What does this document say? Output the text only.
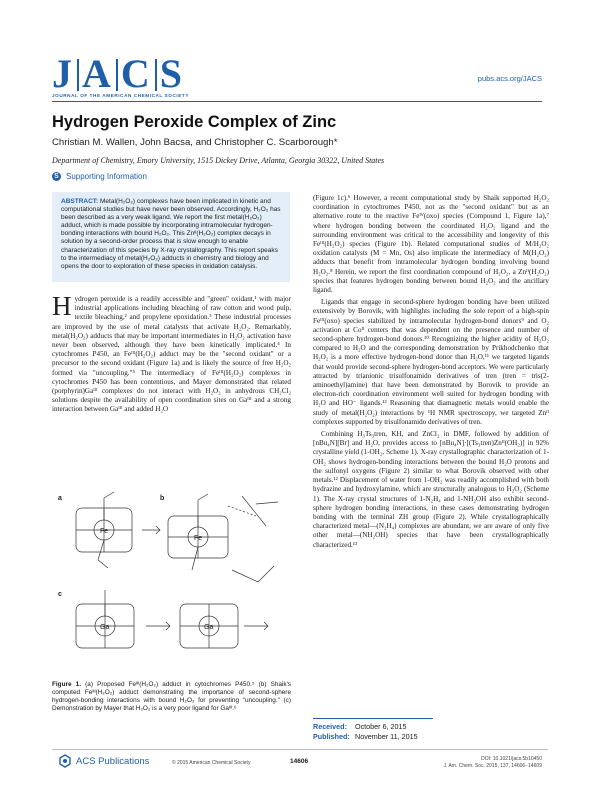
J A C S
JOURNAL OF THE AMERICAN CHEMICAL SOCIETY
pubs.acs.org/JACS
Hydrogen Peroxide Complex of Zinc
Christian M. Wallen, John Bacsa, and Christopher C. Scarborough*
Department of Chemistry, Emory University, 1515 Dickey Drive, Atlanta, Georgia 30322, United States
S Supporting Information
ABSTRACT: Metal(H₂O₂) complexes have been implicated in kinetic and computational studies but have never been observed. Accordingly, H₂O₂ has been described as a very weak ligand. We report the first metal(H₂O₂) adduct, which is made possible by incorporating intramolecular hydrogen-bonding interactions with bound H₂O₂. This Znᴵᴵ(H₂O₂) complex decays in solution by a second-order process that is slow enough to enable characterization of this species by X-ray crystallography. This report speaks to the intermediacy of metal(H₂O₂) adducts in chemistry and biology and opens the door to exploration of these species in oxidation catalysis.
Hydrogen peroxide is a readily accessible and "green" oxidant,¹ with major industrial applications including bleaching of raw cotton and wood pulp, textile bleaching,² and propylene epoxidation.³ These industrial processes are improved by the use of metal catalysts that activate H₂O₂. Remarkably, metal(H₂O₂) adducts that may be important intermediates in H₂O₂ activation have never been observed, although they have been kinetically implicated.⁴ In cytochromes P450, an Feᴵᴵᴵ(H₂O₂) adduct may be the "second oxidant" or a precursor to the second oxidant (Figure 1a) and is likely the source of free H₂O₂ formed via "uncoupling."⁵ The intermediacy of Feᴵᴵᴵ(H₂O₂) complexes in cytochromes P450 has been contentious, and Mayer demonstrated that related (porphyrin)Gaᴵᴵᴵ complexes do not interact with H₂O₂ in anhydrous CH₂Cl₂ solutions despite the availability of open coordination sites on Gaᴵᴵᴵ and a strong interaction between Gaᴵᴵᴵ and added H₂O
Fe
Fe
Ga	Ga
a	b
c
Figure 1. (a) Proposed Feᴵᴵᴵ(H₂O₂) adduct in cytochromes P450.⁵ (b) Shaik's computed Feᴵᴵᴵ(H₂O₂) adduct demonstrating the importance of second-sphere hydrogen-bonding interactions with bound H₂O₂ for preventing "uncoupling." (c) Demonstration by Mayer that H₂O₂ is a very poor ligand for Gaᴵᴵᴵ.⁶

(Figure 1c).⁶ However, a recent computational study by Shaik supported H₂O₂ coordination in cytochromes P450, not as the "second oxidant" but as an alternative route to the reactive Feᴵⱽ(oxo) species (Compound 1, Figure 1a),⁷ where hydrogen bonding between the coordinated H₂O₂ ligand and the surrounding environment was critical to the accessibility and longevity of this Feᴵᴵᴵ(H₂O₂) species (Figure 1b). Related computational studies of M/H₂O₂ oxidation catalysts (M = Mn, Os) also implicate the intermediacy of M(H₂O₂) adducts that benefit from intramolecular hydrogen bonding involving bound H₂O₂.⁸ Herein, we report the first coordination compound of H₂O₂, a Znᴵᴵ(H₂O₂) species that features hydrogen bonding between bound H₂O₂ and the ancillary ligand.

Ligands that engage in second-sphere hydrogen bonding have been utilized extensively by Borovik, with highlights including the sole report of a high-spin Feᴵᴵᴵ(oxo) species stabilized by intramolecular hydrogen-bond donors⁹ and O₂ activation at Coᴵᴵ centers that was dependent on the presence and number of second-sphere hydrogen-bond donors.¹⁰ Recognizing the higher acidity of H₂O₂ compared to H₂O and the corresponding demonstration by Prikhodchenko that H₂O₂ is a more effective hydrogen-bond donor than H₂O,¹¹ we targeted ligands that would provide second-sphere hydrogen-bond acceptors. We were particularly attracted by trianionic trisulfonamido derivatives of tren (tren = tris(2-aminoethyl)amine) that have been demonstrated by Borovik to provide an electron-rich coordination environment well suited for hydrogen bonding with H₂O and HO⁻ ligands.¹² Reasoning that diamagnetic metals would enable the study of metal(H₂O₂) interactions by ¹H NMR spectroscopy, we targeted Znᴵᴵ complexes supported by trisulfonamido derivatives of tren.

Combining H₃Ts₃tren, KH, and ZnCl₂ in DMF, followed by addition of [nBu₄N][Br] and H₂O, provides access to [nBu₄N]·[(Ts₃tren)Znᴵᴵ(OH₂)] in 92% crystalline yield (1-OH₂, Scheme 1). X-ray crystallographic characterization of 1-OH₂ shows hydrogen-bonding interactions between the bound H₂O protons and the sulfonyl oxygens (Figure 2) similar to what Borovik observed with other metals.¹² Displacement of water from 1-OH₂ was readily accomplished with both hydrazine and hydroxylamine, which are structurally analogous to H₂O₂ (Scheme 1). The X-ray crystal structures of 1-N₂H₄ and 1-NH₂OH also exhibit second-sphere hydrogen bonding interactions, in these cases demonstrating hydrogen bonding with the terminal ZH group (Figure 2). While crystallographically characterized metal—(N₂H₄) complexes are abundant, we are aware of only five other metal—(NH₂OH) species that have been crystallographically characterized.¹³

Received: October 6, 2015
Published: November 11, 2015
ACS Publications	© 2015 American Chemical Society	14606	DOI: 10.1021/jacs.5b10450
J. Am. Chem. Soc. 2015, 137, 14606−14609
